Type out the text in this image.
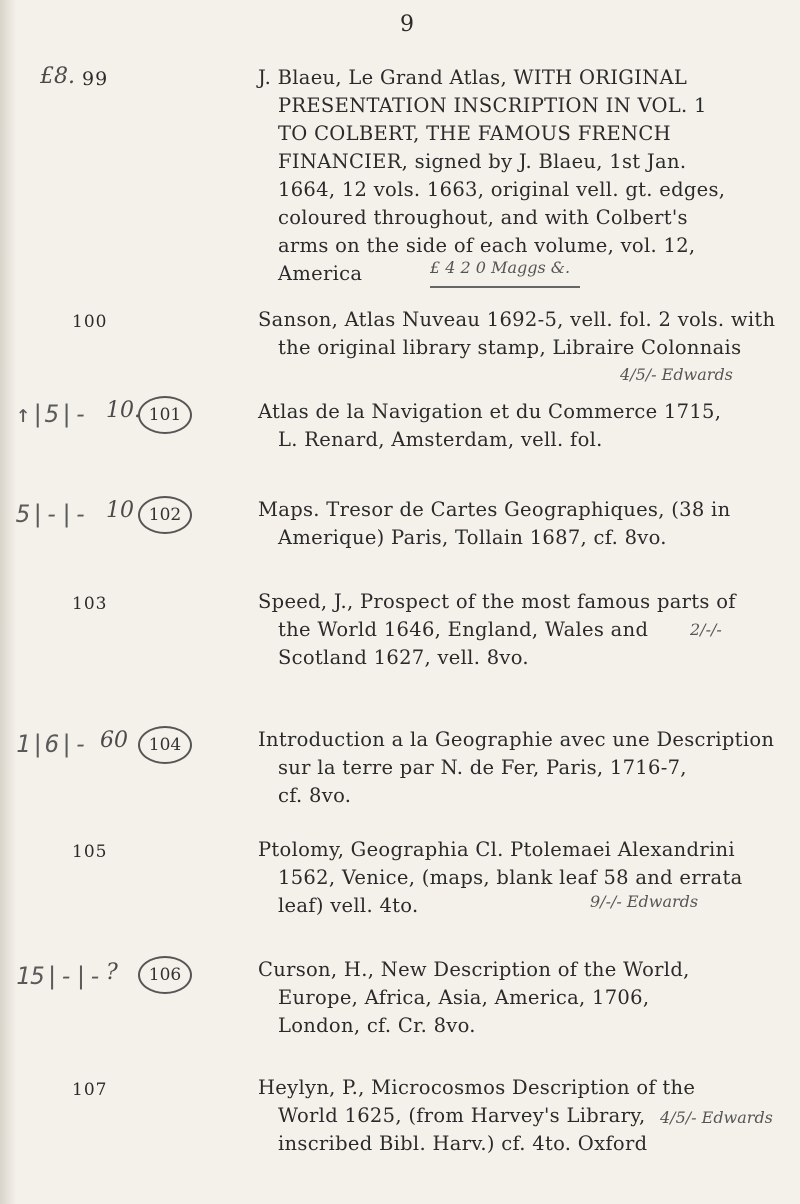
9
£8. 99	J. Blaeu, Le Grand Atlas, WITH ORIGINAL
PRESENTATION INSCRIPTION IN VOL. 1
TO COLBERT, THE FAMOUS FRENCH
FINANCIER, signed by J. Blaeu, 1st Jan.
1664, 12 vols. 1663, original vell. gt. edges,
coloured throughout, and with Colbert's
arms on the side of each volume, vol. 12,
America	£ 4 2 0 Maggs &.
100	Sanson, Atlas Nuveau 1692-5, vell. fol. 2 vols. with
the original library stamp, Libraire Colonnais
4/5/- Edwards
↑|5|- 10. 101	Atlas de la Navigation et du Commerce 1715,
L. Renard, Amsterdam, vell. fol.
5|-|- 10 102	Maps. Tresor de Cartes Geographiques, (38 in
Amerique) Paris, Tollain 1687, cf. 8vo.
103	Speed, J., Prospect of the most famous parts of
the World 1646, England, Wales and
Scotland 1627, vell. 8vo.
2/-/-
1|6|- 60	104	Introduction a la Geographie avec une Description
sur la terre par N. de Fer, Paris, 1716-7,
cf. 8vo.
105	Ptolomy, Geographia Cl. Ptolemaei Alexandrini
1562, Venice, (maps, blank leaf 58 and errata
leaf) vell. 4to.	9/-/- Edwards
15|-|- ?	106	Curson, H., New Description of the World,
Europe, Africa, Asia, America, 1706,
London, cf. Cr. 8vo.
107	Heylyn, P., Microcosmos Description of the
World 1625, (from Harvey's Library,
inscribed Bibl. Harv.) cf. 4to. Oxford
4/5/- Edwards
